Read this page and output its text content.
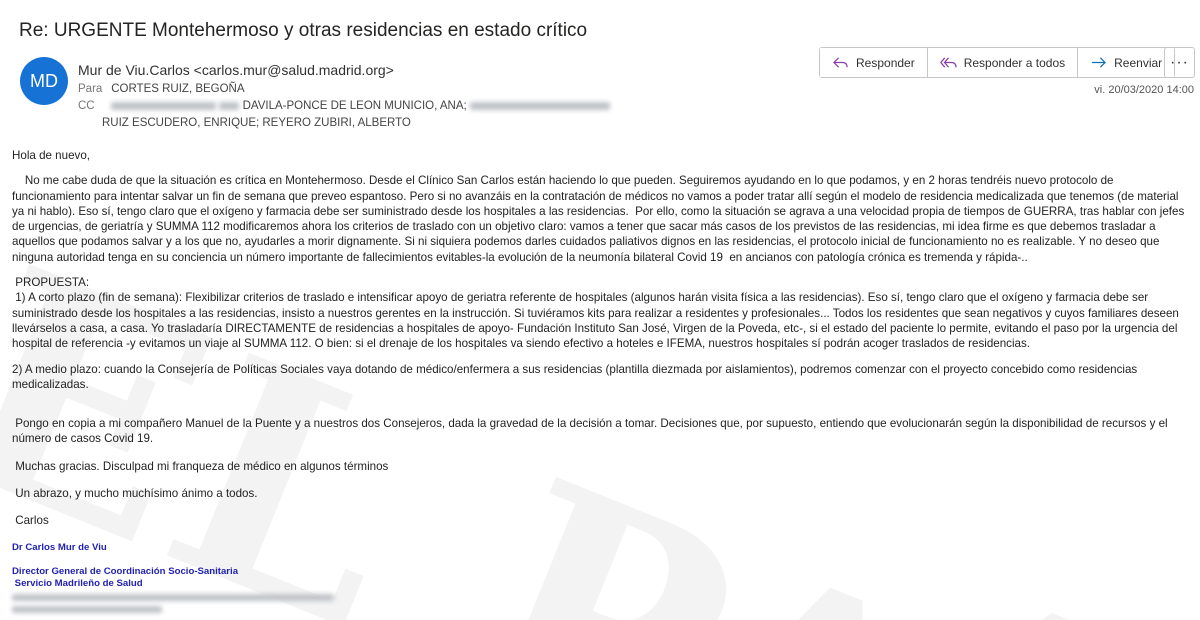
Re: URGENTE Montehermoso y otras residencias en estado crítico
MD
Mur de Viu.Carlos <carlos.mur@salud.madrid.org>
Para CORTES RUIZ, BEGOÑA
CC	DAVILA-PONCE DE LEON MUNICIO, ANA;
RUIZ ESCUDERO, ENRIQUE; REYERO ZUBIRI, ALBERTO
Responder	Responder a todos	Reenviar ···
vi. 20/03/2020 14:00

Hola de nuevo,

No me cabe duda de que la situación es crítica en Montehermoso. Desde el Clínico San Carlos están haciendo lo que pueden. Seguiremos ayudando en lo que podamos, y en 2 horas tendréis nuevo protocolo de funcionamiento para intentar salvar un fin de semana que preveo espantoso. Pero si no avanzáis en la contratación de médicos no vamos a poder tratar allí según el modelo de residencia medicalizada que tenemos (de material ya ni hablo). Eso sí, tengo claro que el oxígeno y farmacia debe ser suministrado desde los hospitales a las residencias.  Por ello, como la situación se agrava a una velocidad propia de tiempos de GUERRA, tras hablar con jefes de urgencias, de geriatría y SUMMA 112 modificaremos ahora los criterios de traslado con un objetivo claro: vamos a tener que sacar más casos de los previstos de las residencias, mi idea firme es que debemos trasladar a aquellos que podamos salvar y a los que no, ayudarles a morir dignamente. Si ni siquiera podemos darles cuidados paliativos dignos en las residencias, el protocolo inicial de funcionamiento no es realizable. Y no deseo que ninguna autoridad tenga en su conciencia un número importante de fallecimientos evitables-la evolución de la neumonía bilateral Covid 19  en ancianos con patología crónica es tremenda y rápida-..

PROPUESTA:

1) A corto plazo (fin de semana): Flexibilizar criterios de traslado e intensificar apoyo de geriatra referente de hospitales (algunos harán visita física a las residencias). Eso sí, tengo claro que el oxígeno y farmacia debe ser suministrado desde los hospitales a las residencias, insisto a nuestros gerentes en la instrucción. Si tuviéramos kits para realizar a residentes y profesionales... Todos los residentes que sean negativos y cuyos familiares deseen llevárselos a casa, a casa. Yo trasladaría DIRECTAMENTE de residencias a hospitales de apoyo- Fundación Instituto San José, Virgen de la Poveda, etc-, si el estado del paciente lo permite, evitando el paso por la urgencia del hospital de referencia -y evitamos un viaje al SUMMA 112. O bien: si el drenaje de los hospitales va siendo efectivo a hoteles e IFEMA, nuestros hospitales sí podrán acoger traslados de residencias.

2) A medio plazo: cuando la Consejería de Políticas Sociales vaya dotando de médico/enfermera a sus residencias (plantilla diezmada por aislamientos), podremos comenzar con el proyecto concebido como residencias medicalizadas.

Pongo en copia a mi compañero Manuel de la Puente y a nuestros dos Consejeros, dada la gravedad de la decisión a tomar. Decisiones que, por supuesto, entiendo que evolucionarán según la disponibilidad de recursos y el número de casos Covid 19.

Muchas gracias. Disculpad mi franqueza de médico en algunos términos

Un abrazo, y mucho muchísimo ánimo a todos.

Carlos

Dr Carlos Mur de Viu
Director General de Coordinación Socio-Sanitaria
Servicio Madrileño de Salud
